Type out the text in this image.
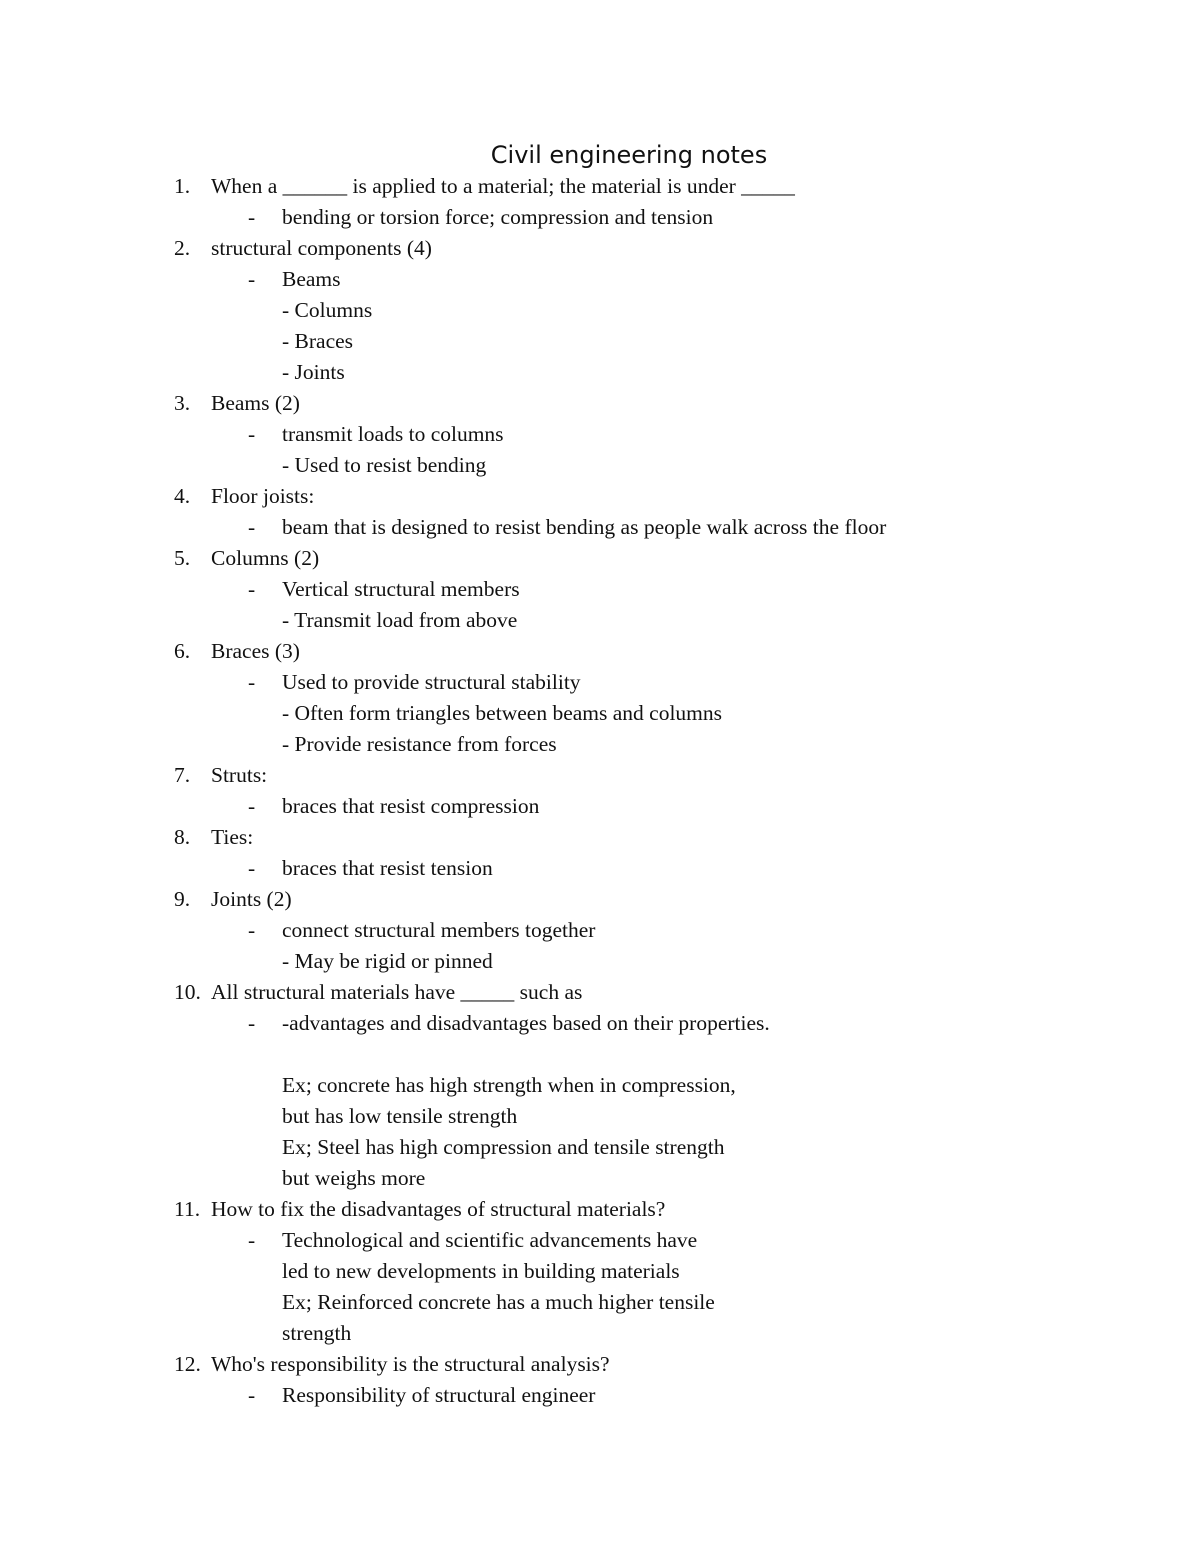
Civil engineering notes
1. When a ______ is applied to a material; the material is under _____
- bending or torsion force; compression and tension
2. structural components (4)
- Beams
- Columns
- Braces
- Joints
3. Beams (2)
- transmit loads to columns
- Used to resist bending
4. Floor joists:
- beam that is designed to resist bending as people walk across the floor
5. Columns (2)
- Vertical structural members
- Transmit load from above
6. Braces (3)
- Used to provide structural stability
- Often form triangles between beams and columns
- Provide resistance from forces
7. Struts:
- braces that resist compression
8. Ties:
- braces that resist tension
9. Joints (2)
- connect structural members together
- May be rigid or pinned
10. All structural materials have _____ such as
- -advantages and disadvantages based on their properties.
Ex; concrete has high strength when in compression,
but has low tensile strength
Ex; Steel has high compression and tensile strength
but weighs more
11. How to fix the disadvantages of structural materials?
- Technological and scientific advancements have
led to new developments in building materials
Ex; Reinforced concrete has a much higher tensile
strength
12. Who's responsibility is the structural analysis?
- Responsibility of structural engineer
